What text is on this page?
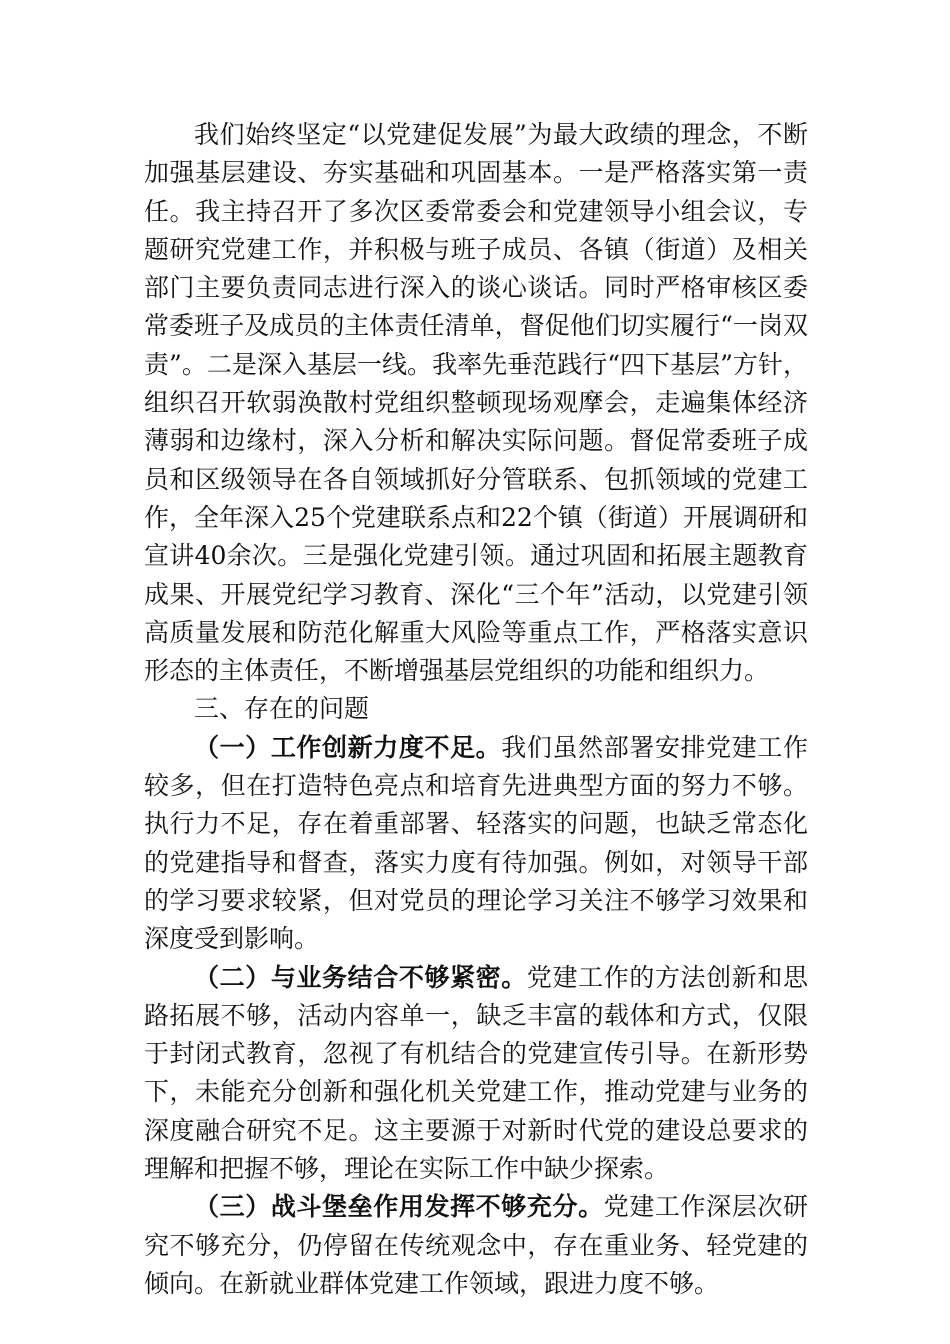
我们始终坚定“以党建促发展”为最大政绩的理念，不断加强基层建设、夯实基础和巩固基本。一是严格落实第一责任。我主持召开了多次区委常委会和党建领导小组会议，专题研究党建工作，并积极与班子成员、各镇（街道）及相关部门主要负责同志进行深入的谈心谈话。同时严格审核区委常委班子及成员的主体责任清单，督促他们切实履行“一岗双责”。二是深入基层一线。我率先垂范践行“四下基层”方针，组织召开软弱涣散村党组织整顿现场观摩会，走遍集体经济薄弱和边缘村，深入分析和解决实际问题。督促常委班子成员和区级领导在各自领域抓好分管联系、包抓领域的党建工作，全年深入25个党建联系点和22个镇（街道）开展调研和宣讲40余次。三是强化党建引领。通过巩固和拓展主题教育成果、开展党纪学习教育、深化“三个年”活动，以党建引领高质量发展和防范化解重大风险等重点工作，严格落实意识形态的主体责任，不断增强基层党组织的功能和组织力。

三、存在的问题

（一）工作创新力度不足。我们虽然部署安排党建工作较多，但在打造特色亮点和培育先进典型方面的努力不够。执行力不足，存在着重部署、轻落实的问题，也缺乏常态化的党建指导和督查，落实力度有待加强。例如，对领导干部的学习要求较紧，但对党员的理论学习关注不够学习效果和深度受到影响。

（二）与业务结合不够紧密。党建工作的方法创新和思路拓展不够，活动内容单一，缺乏丰富的载体和方式，仅限于封闭式教育，忽视了有机结合的党建宣传引导。在新形势下，未能充分创新和强化机关党建工作，推动党建与业务的深度融合研究不足。这主要源于对新时代党的建设总要求的理解和把握不够，理论在实际工作中缺少探索。

（三）战斗堡垒作用发挥不够充分。党建工作深层次研究不够充分，仍停留在传统观念中，存在重业务、轻党建的倾向。在新就业群体党建工作领域，跟进力度不够。
